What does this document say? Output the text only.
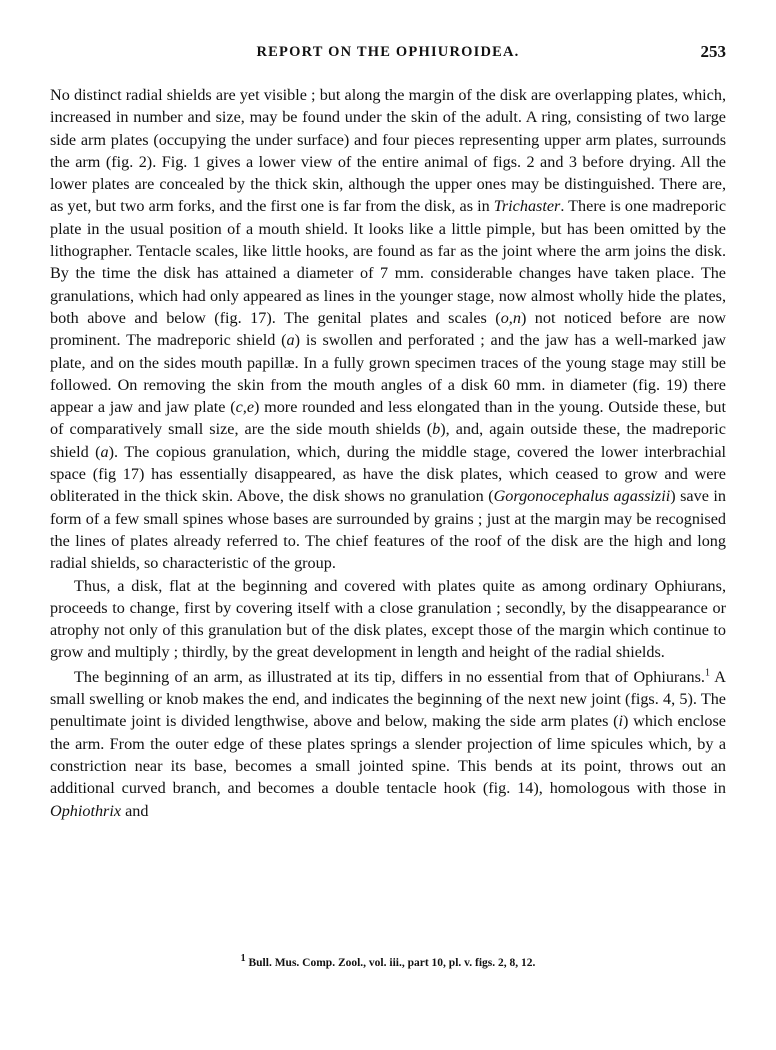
REPORT ON THE OPHIUROIDEA.	253

No distinct radial shields are yet visible ; but along the margin of the disk are overlapping plates, which, increased in number and size, may be found under the skin of the adult. A ring, consisting of two large side arm plates (occupying the under surface) and four pieces representing upper arm plates, surrounds the arm (fig. 2). Fig. 1 gives a lower view of the entire animal of figs. 2 and 3 before drying. All the lower plates are concealed by the thick skin, although the upper ones may be distinguished. There are, as yet, but two arm forks, and the first one is far from the disk, as in Trichaster. There is one madreporic plate in the usual position of a mouth shield. It looks like a little pimple, but has been omitted by the lithographer. Tentacle scales, like little hooks, are found as far as the joint where the arm joins the disk. By the time the disk has attained a diameter of 7 mm. considerable changes have taken place. The granulations, which had only appeared as lines in the younger stage, now almost wholly hide the plates, both above and below (fig. 17). The genital plates and scales (o,n) not noticed before are now prominent. The madreporic shield (a) is swollen and perforated ; and the jaw has a well-marked jaw plate, and on the sides mouth papillæ. In a fully grown specimen traces of the young stage may still be followed. On removing the skin from the mouth angles of a disk 60 mm. in diameter (fig. 19) there appear a jaw and jaw plate (c,e) more rounded and less elongated than in the young. Outside these, but of comparatively small size, are the side mouth shields (b), and, again outside these, the madreporic shield (a). The copious granulation, which, during the middle stage, covered the lower interbrachial space (fig 17) has essentially disappeared, as have the disk plates, which ceased to grow and were obliterated in the thick skin. Above, the disk shows no granulation (Gorgonocephalus agassizii) save in form of a few small spines whose bases are surrounded by grains ; just at the margin may be recognised the lines of plates already referred to. The chief features of the roof of the disk are the high and long radial shields, so characteristic of the group.

Thus, a disk, flat at the beginning and covered with plates quite as among ordinary Ophiurans, proceeds to change, first by covering itself with a close granulation ; secondly, by the disappearance or atrophy not only of this granulation but of the disk plates, except those of the margin which continue to grow and multiply ; thirdly, by the great development in length and height of the radial shields.

The beginning of an arm, as illustrated at its tip, differs in no essential from that of Ophiurans.$^1$ A small swelling or knob makes the end, and indicates the beginning of the next new joint (figs. 4, 5). The penultimate joint is divided lengthwise, above and below, making the side arm plates (i) which enclose the arm. From the outer edge of these plates springs a slender projection of lime spicules which, by a constriction near its base, becomes a small jointed spine. This bends at its point, throws out an additional curved branch, and becomes a double tentacle hook (fig. 14), homologous with those in Ophiothrix and

$^1$ Bull. Mus. Comp. Zool., vol. iii., part 10, pl. v. figs. 2, 8, 12.
